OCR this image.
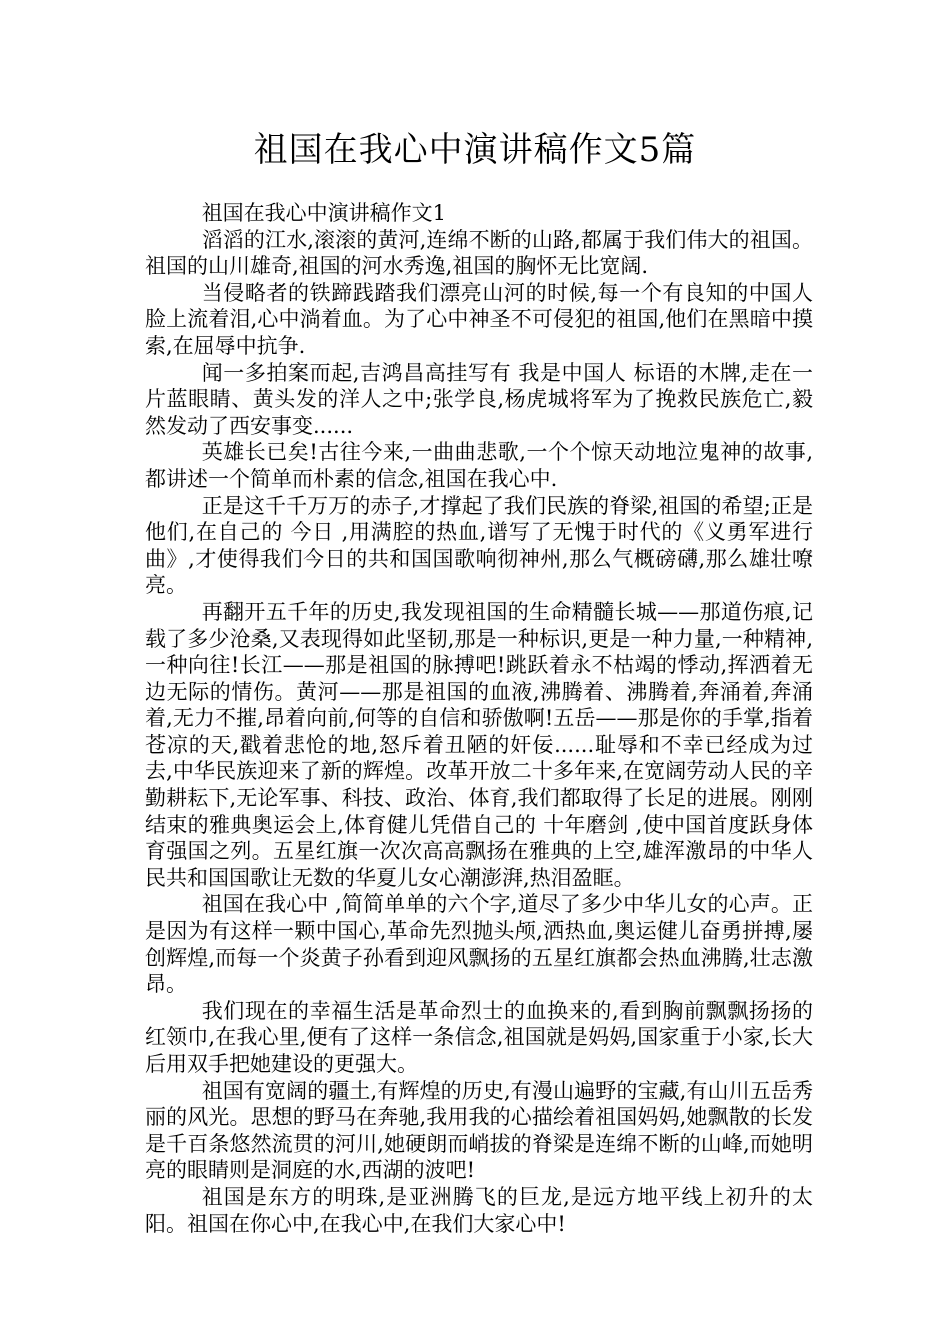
祖国在我心中演讲稿作文5篇

祖国在我心中演讲稿作文1

滔滔的江水,滚滚的黄河,连绵不断的山路,都属于我们伟大的祖国。祖国的山川雄奇,祖国的河水秀逸,祖国的胸怀无比宽阔.

当侵略者的铁蹄践踏我们漂亮山河的时候,每一个有良知的中国人脸上流着泪,心中淌着血。为了心中神圣不可侵犯的祖国,他们在黑暗中摸索,在屈辱中抗争.

闻一多拍案而起,吉鸿昌高挂写有 我是中国人 标语的木牌,走在一片蓝眼睛、黄头发的洋人之中;张学良,杨虎城将军为了挽救民族危亡,毅然发动了西安事变......

英雄长已矣!古往今来,一曲曲悲歌,一个个惊天动地泣鬼神的故事,都讲述一个简单而朴素的信念,祖国在我心中.

正是这千千万万的赤子,才撑起了我们民族的脊梁,祖国的希望;正是他们,在自己的 今日 ,用满腔的热血,谱写了无愧于时代的《义勇军进行曲》,才使得我们今日的共和国国歌响彻神州,那么气概磅礴,那么雄壮嘹亮。

再翻开五千年的历史,我发现祖国的生命精髓长城——那道伤痕,记载了多少沧桑,又表现得如此坚韧,那是一种标识,更是一种力量,一种精神,一种向往!长江——那是祖国的脉搏吧!跳跃着永不枯竭的悸动,挥洒着无边无际的情伤。黄河——那是祖国的血液,沸腾着、沸腾着,奔涌着,奔涌着,无力不摧,昂着向前,何等的自信和骄傲啊!五岳——那是你的手掌,指着苍凉的天,戳着悲怆的地,怒斥着丑陋的奸佞......耻辱和不幸已经成为过去,中华民族迎来了新的辉煌。改革开放二十多年来,在宽阔劳动人民的辛勤耕耘下,无论军事、科技、政治、体育,我们都取得了长足的进展。刚刚结束的雅典奥运会上,体育健儿凭借自己的 十年磨剑 ,使中国首度跃身体育强国之列。五星红旗一次次高高飘扬在雅典的上空,雄浑激昂的中华人民共和国国歌让无数的华夏儿女心潮澎湃,热泪盈眶。

祖国在我心中 ,简简单单的六个字,道尽了多少中华儿女的心声。正是因为有这样一颗中国心,革命先烈抛头颅,洒热血,奥运健儿奋勇拼搏,屡创辉煌,而每一个炎黄子孙看到迎风飘扬的五星红旗都会热血沸腾,壮志激昂。

我们现在的幸福生活是革命烈士的血换来的,看到胸前飘飘扬扬的红领巾,在我心里,便有了这样一条信念,祖国就是妈妈,国家重于小家,长大后用双手把她建设的更强大。

祖国有宽阔的疆土,有辉煌的历史,有漫山遍野的宝藏,有山川五岳秀丽的风光。思想的野马在奔驰,我用我的心描绘着祖国妈妈,她飘散的长发是千百条悠然流贯的河川,她硬朗而峭拔的脊梁是连绵不断的山峰,而她明亮的眼睛则是洞庭的水,西湖的波吧!

祖国是东方的明珠,是亚洲腾飞的巨龙,是远方地平线上初升的太阳。祖国在你心中,在我心中,在我们大家心中!
